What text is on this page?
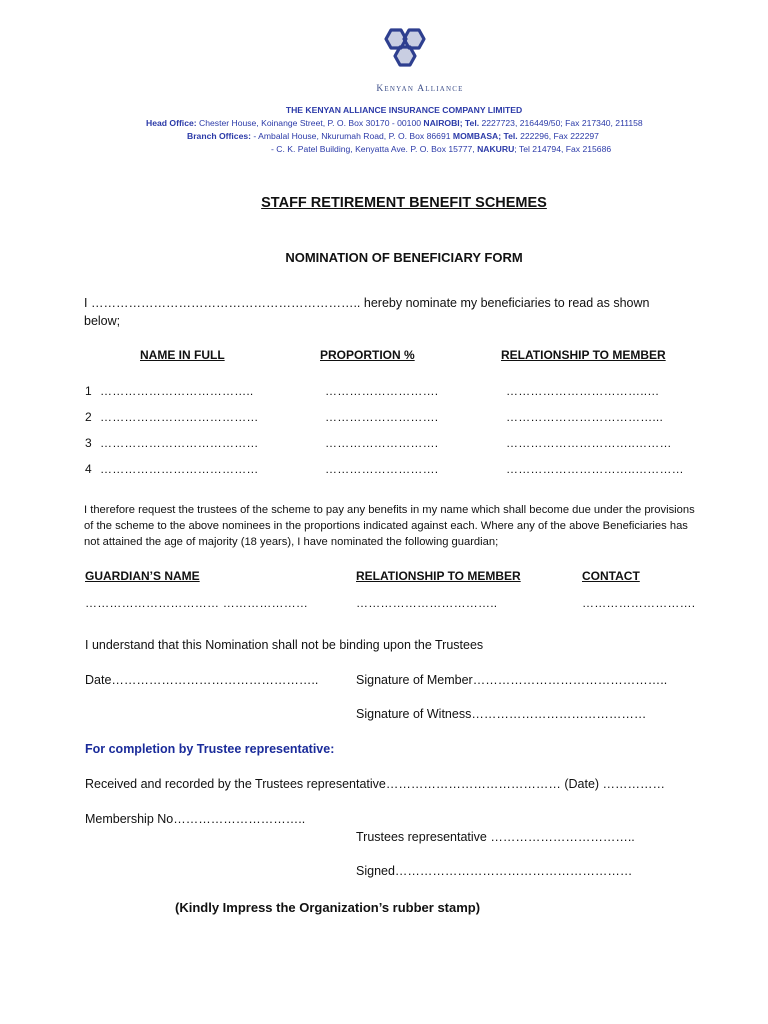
Kenyan Alliance
THE KENYAN ALLIANCE INSURANCE COMPANY LIMITED
Head Office: Chester House, Koinange Street, P. O. Box 30170 - 00100 NAIROBI; Tel. 2227723, 216449/50; Fax 217340, 211158
Branch Offices: - Ambalal House, Nkurumah Road, P. O. Box 86691 MOMBASA; Tel. 222296, Fax 222297
- C. K. Patel Building, Kenyatta Ave. P. O. Box 15777, NAKURU; Tel 214794, Fax 215686
STAFF RETIREMENT BENEFIT SCHEMES
NOMINATION OF BENEFICIARY FORM
I ……………………………………………………….. hereby nominate my beneficiaries to read as shown
below;
NAME IN FULL	PROPORTION %	RELATIONSHIP TO MEMBER
1 ………………………………..	……………………….	……………………………..…
2 …………………………………	……………………….	………………………………...
3 …………………………………	……………………….	…………………………..………
4 …………………………………	……………………….	…………………………..…………
I therefore request the trustees of the scheme to pay any benefits in my name which shall become due under the provisions of the scheme to the above nominees in the proportions indicated against each. Where any of the above Beneficiaries has not attained the age of majority (18 years), I have nominated the following guardian;
GUARDIAN’S NAME	RELATIONSHIP TO MEMBER	CONTACT
…………………………… …………………	……………………………..	……………………….
I understand that this Nomination shall not be binding upon the Trustees
Date…………………………………………..	Signature of Member………………………………………..
Signature of Witness……………………………………
For completion by Trustee representative:
Received and recorded by the Trustees representative…………………………………… (Date) ……………
Membership No…………………………..
Trustees representative ……………………………..
Signed…………………………………………………
(Kindly Impress the Organization’s rubber stamp)
